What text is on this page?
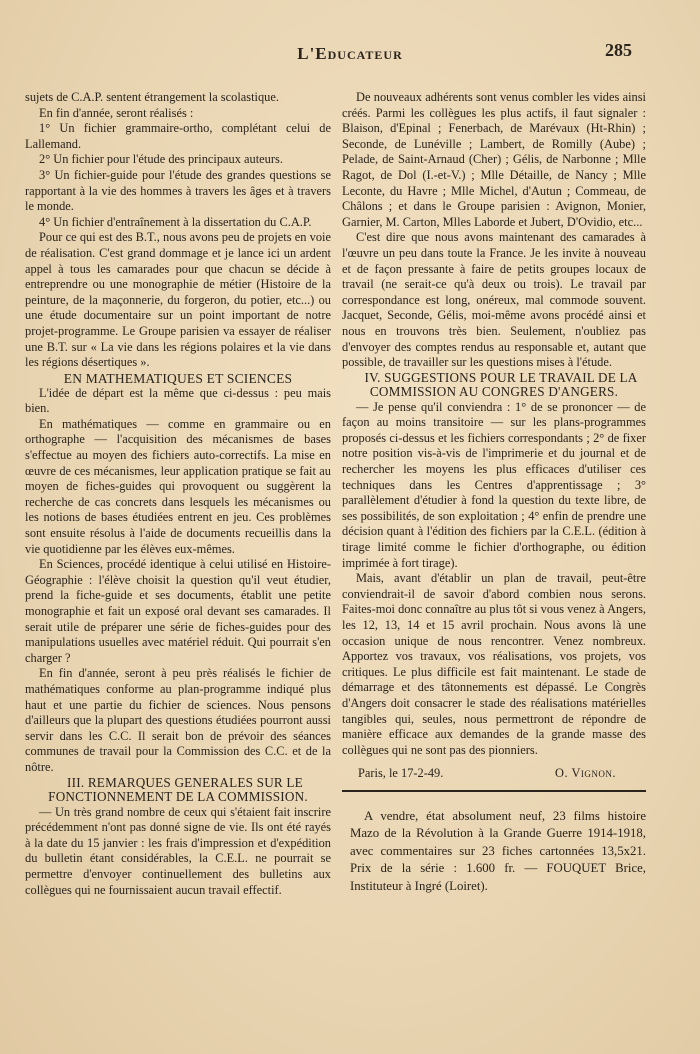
L'Educateur	285

sujets de C.A.P. sentent étrangement la scolastique.

En fin d'année, seront réalisés :

1° Un fichier grammaire-ortho, complétant celui de Lallemand.

2° Un fichier pour l'étude des principaux auteurs.

3° Un fichier-guide pour l'étude des grandes questions se rapportant à la vie des hommes à travers les âges et à travers le monde.

4° Un fichier d'entraînement à la dissertation du C.A.P.

Pour ce qui est des B.T., nous avons peu de projets en voie de réalisation. C'est grand dommage et je lance ici un ardent appel à tous les camarades pour que chacun se décide à entreprendre ou une monographie de métier (Histoire de la peinture, de la maçonnerie, du forgeron, du potier, etc...) ou une étude documentaire sur un point important de notre projet-programme. Le Groupe parisien va essayer de réaliser une B.T. sur « La vie dans les régions polaires et la vie dans les régions désertiques ».

EN MATHEMATIQUES ET SCIENCES

L'idée de départ est la même que ci-dessus : peu mais bien.

En mathématiques — comme en grammaire ou en orthographe — l'acquisition des mécanismes de bases s'effectue au moyen des fichiers auto-correctifs. La mise en œuvre de ces mécanismes, leur application pratique se fait au moyen de fiches-guides qui provoquent ou suggèrent la recherche de cas concrets dans lesquels les mécanismes ou les notions de bases étudiées entrent en jeu. Ces problèmes sont ensuite résolus à l'aide de documents recueillis dans la vie quotidienne par les élèves eux-mêmes.

En Sciences, procédé identique à celui utilisé en Histoire-Géographie : l'élève choisit la question qu'il veut étudier, prend la fiche-guide et ses documents, établit une petite monographie et fait un exposé oral devant ses camarades. Il serait utile de préparer une série de fiches-guides pour des manipulations usuelles avec matériel réduit. Qui pourrait s'en charger ?

En fin d'année, seront à peu près réalisés le fichier de mathématiques conforme au plan-programme indiqué plus haut et une partie du fichier de sciences. Nous pensons d'ailleurs que la plupart des questions étudiées pourront aussi servir dans les C.C. Il serait bon de prévoir des séances communes de travail pour la Commission des C.C. et de la nôtre.

III. REMARQUES GENERALES SUR LE FONCTIONNEMENT DE LA COMMISSION.

— Un très grand nombre de ceux qui s'étaient fait inscrire précédemment n'ont pas donné signe de vie. Ils ont été rayés à la date du 15 janvier : les frais d'impression et d'expédition du bulletin étant considérables, la C.E.L. ne pourrait se permettre d'envoyer continuellement des bulletins aux collègues qui ne fournissaient aucun travail effectif.

De nouveaux adhérents sont venus combler les vides ainsi créés. Parmi les collègues les plus actifs, il faut signaler : Blaison, d'Epinal ; Fenerbach, de Marévaux (Ht-Rhin) ; Seconde, de Lunéville ; Lambert, de Romilly (Aube) ; Pelade, de Saint-Arnaud (Cher) ; Gélis, de Narbonne ; Mlle Ragot, de Dol (I.-et-V.) ; Mlle Détaille, de Nancy ; Mlle Leconte, du Havre ; Mlle Michel, d'Autun ; Commeau, de Châlons ; et dans le Groupe parisien : Avignon, Monier, Garnier, M. Carton, Mlles Laborde et Jubert, D'Ovidio, etc...

C'est dire que nous avons maintenant des camarades à l'œuvre un peu dans toute la France. Je les invite à nouveau et de façon pressante à faire de petits groupes locaux de travail (ne serait-ce qu'à deux ou trois). Le travail par correspondance est long, onéreux, mal commode souvent. Jacquet, Seconde, Gélis, moi-même avons procédé ainsi et nous en trouvons très bien. Seulement, n'oubliez pas d'envoyer des comptes rendus au responsable et, autant que possible, de travailler sur les questions mises à l'étude.

IV. SUGGESTIONS POUR LE TRAVAIL DE LA COMMISSION AU CONGRES D'ANGERS.

— Je pense qu'il conviendra : 1° de se prononcer — de façon au moins transitoire — sur les plans-programmes proposés ci-dessus et les fichiers correspondants ; 2° de fixer notre position vis-à-vis de l'imprimerie et du journal et de rechercher les moyens les plus efficaces d'utiliser ces techniques dans les Centres d'apprentissage ; 3° parallèlement d'étudier à fond la question du texte libre, de ses possibilités, de son exploitation ; 4° enfin de prendre une décision quant à l'édition des fichiers par la C.E.L. (édition à tirage limité comme le fichier d'orthographe, ou édition imprimée à fort tirage).

Mais, avant d'établir un plan de travail, peut-être conviendrait-il de savoir d'abord combien nous serons. Faites-moi donc connaître au plus tôt si vous venez à Angers, les 12, 13, 14 et 15 avril prochain. Nous avons là une occasion unique de nous rencontrer. Venez nombreux. Apportez vos travaux, vos réalisations, vos projets, vos critiques. Le plus difficile est fait maintenant. Le stade de démarrage et des tâtonnements est dépassé. Le Congrès d'Angers doit consacrer le stade des réalisations matérielles tangibles qui, seules, nous permettront de répondre de manière efficace aux demandes de la grande masse des collègues qui ne sont pas des pionniers.

Paris, le 17-2-49.	O. Vignon.

A vendre, état absolument neuf, 23 films histoire Mazo de la Révolution à la Grande Guerre 1914-1918, avec commentaires sur 23 fiches cartonnées 13,5x21. Prix de la série : 1.600 fr. — FOUQUET Brice, Instituteur à Ingré (Loiret).
